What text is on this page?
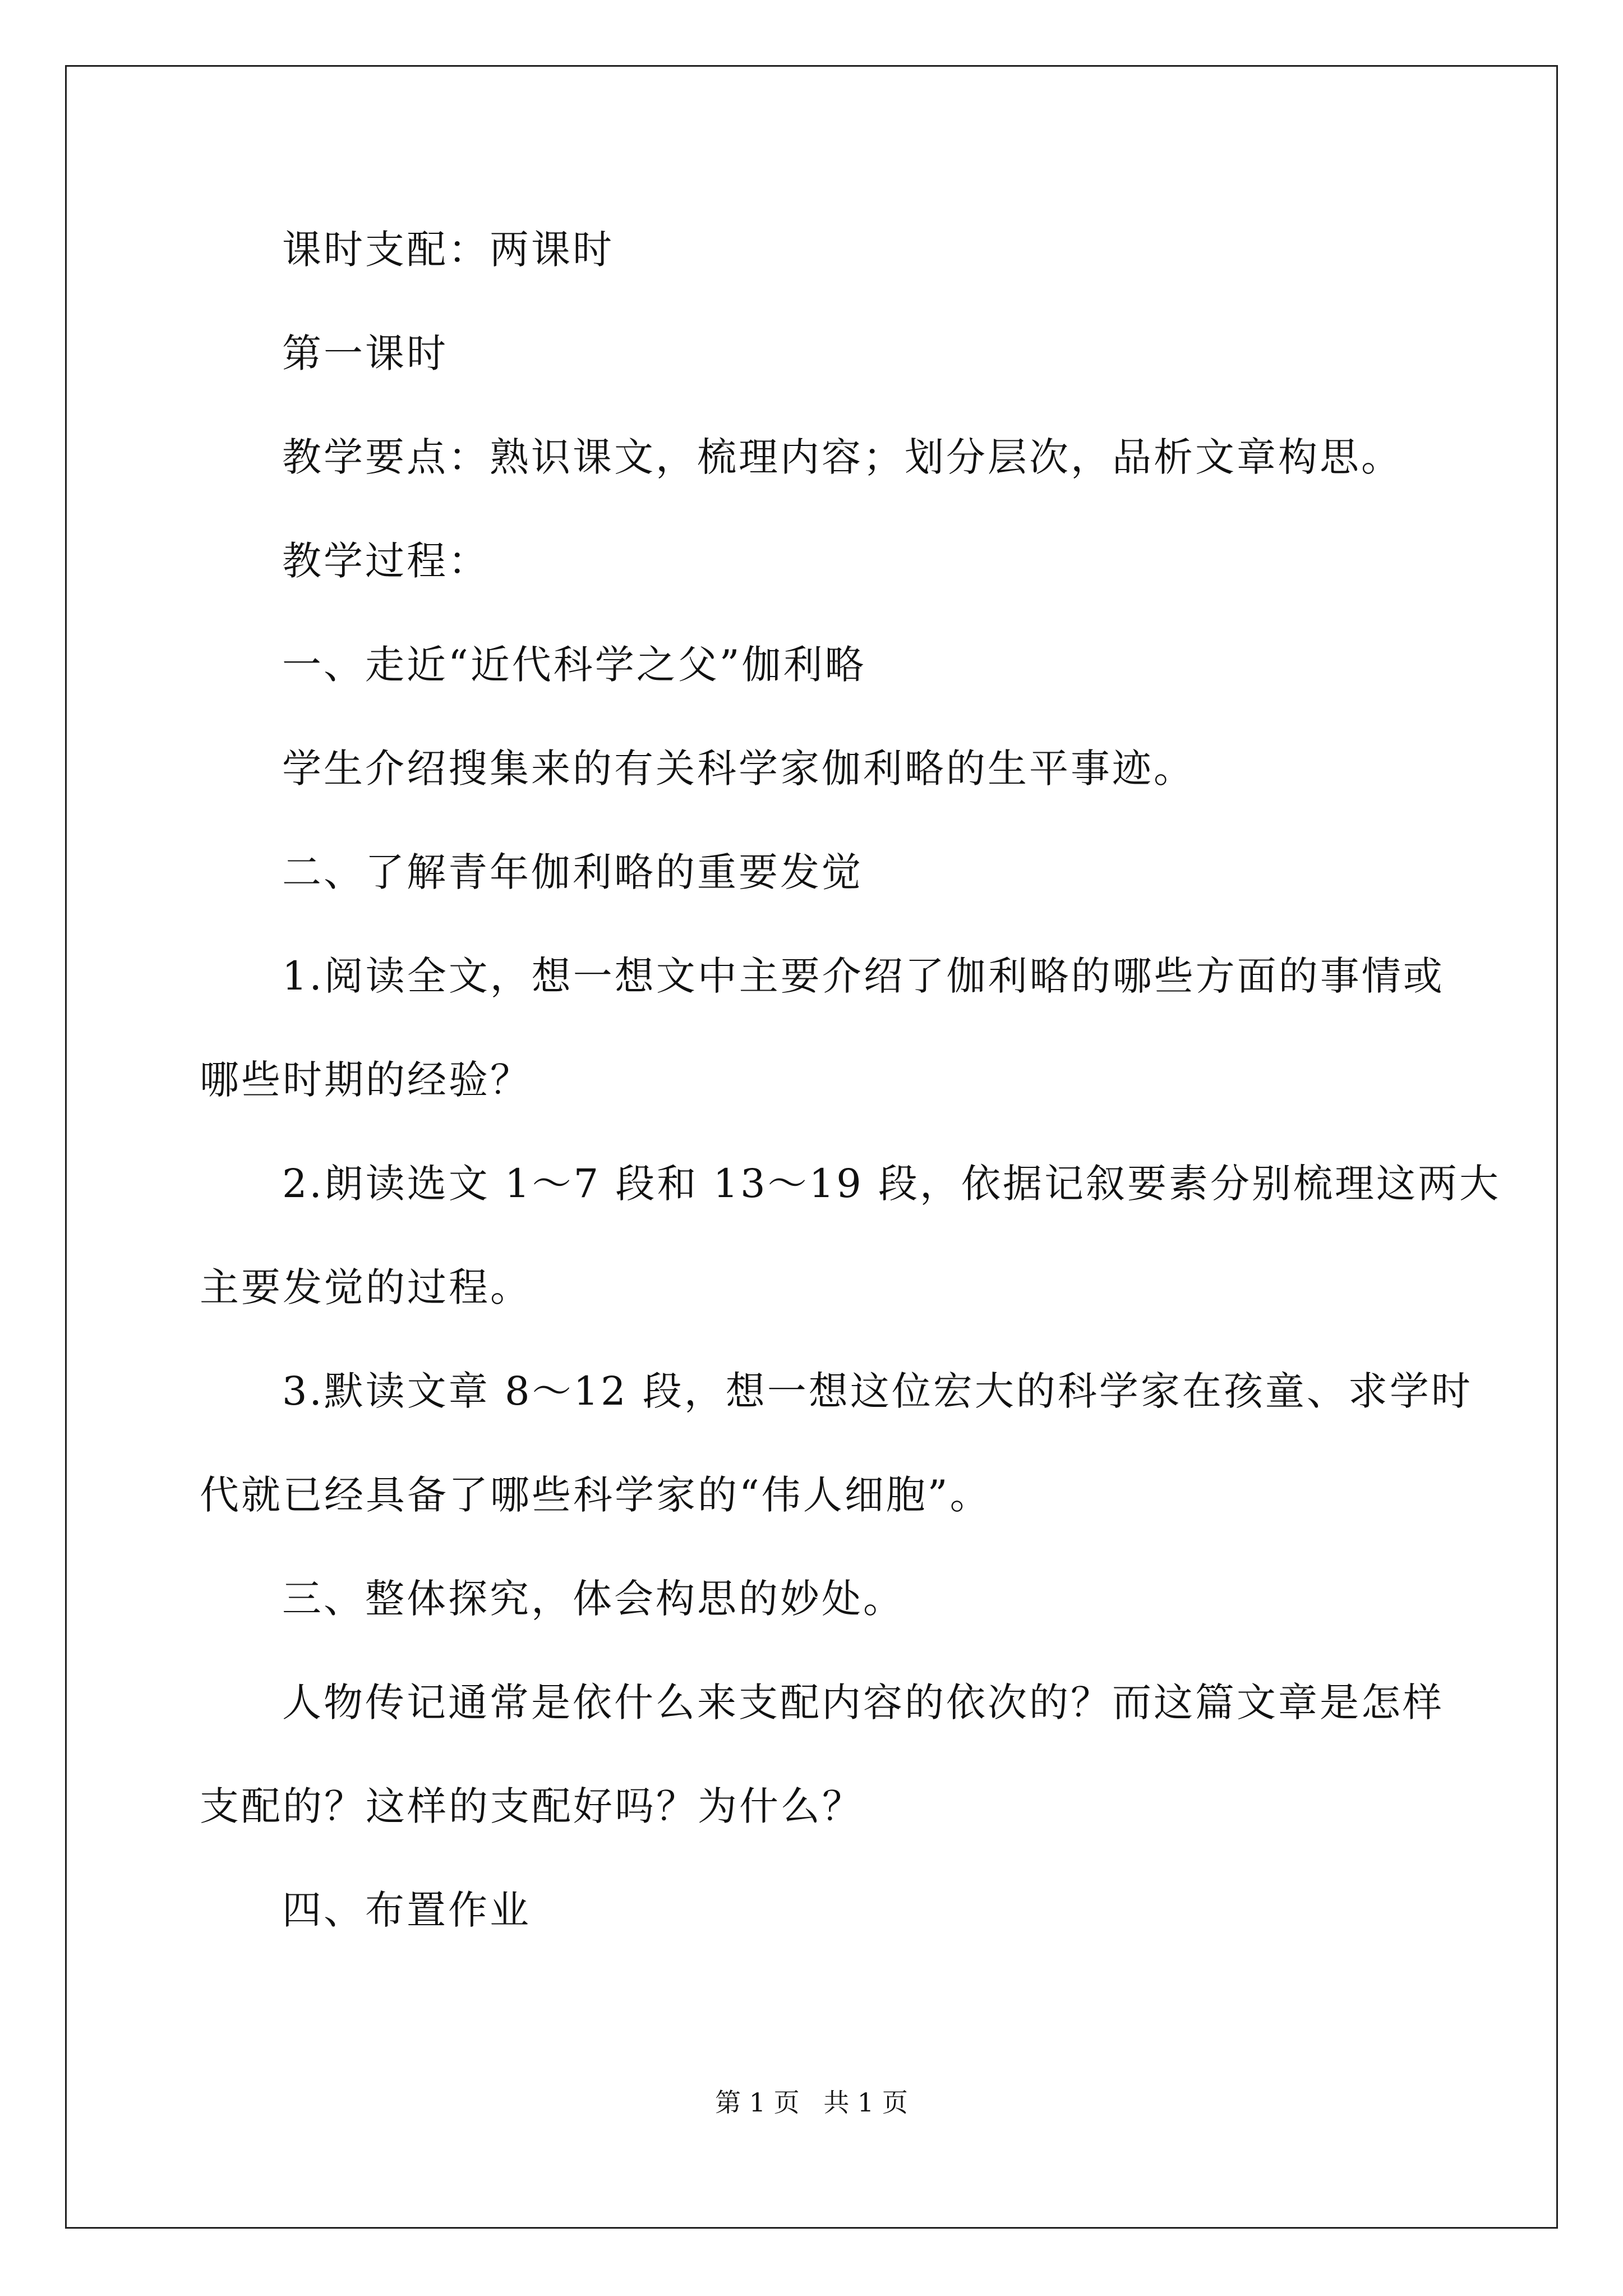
课时支配：两课时
第一课时
教学要点：熟识课文，梳理内容；划分层次，品析文章构思。
教学过程：
一、走近“近代科学之父”伽利略
学生介绍搜集来的有关科学家伽利略的生平事迹。
二、了解青年伽利略的重要发觉
1.阅读全文，想一想文中主要介绍了伽利略的哪些方面的事情或
哪些时期的经验？
2.朗读选文 1～7 段和 13～19 段，依据记叙要素分别梳理这两大
主要发觉的过程。
3.默读文章 8～12 段，想一想这位宏大的科学家在孩童、求学时
代就已经具备了哪些科学家的“伟人细胞”。
三、整体探究，体会构思的妙处。
人物传记通常是依什么来支配内容的依次的？而这篇文章是怎样
支配的？这样的支配好吗？为什么？
四、布置作业
第 1 页 共 1 页
